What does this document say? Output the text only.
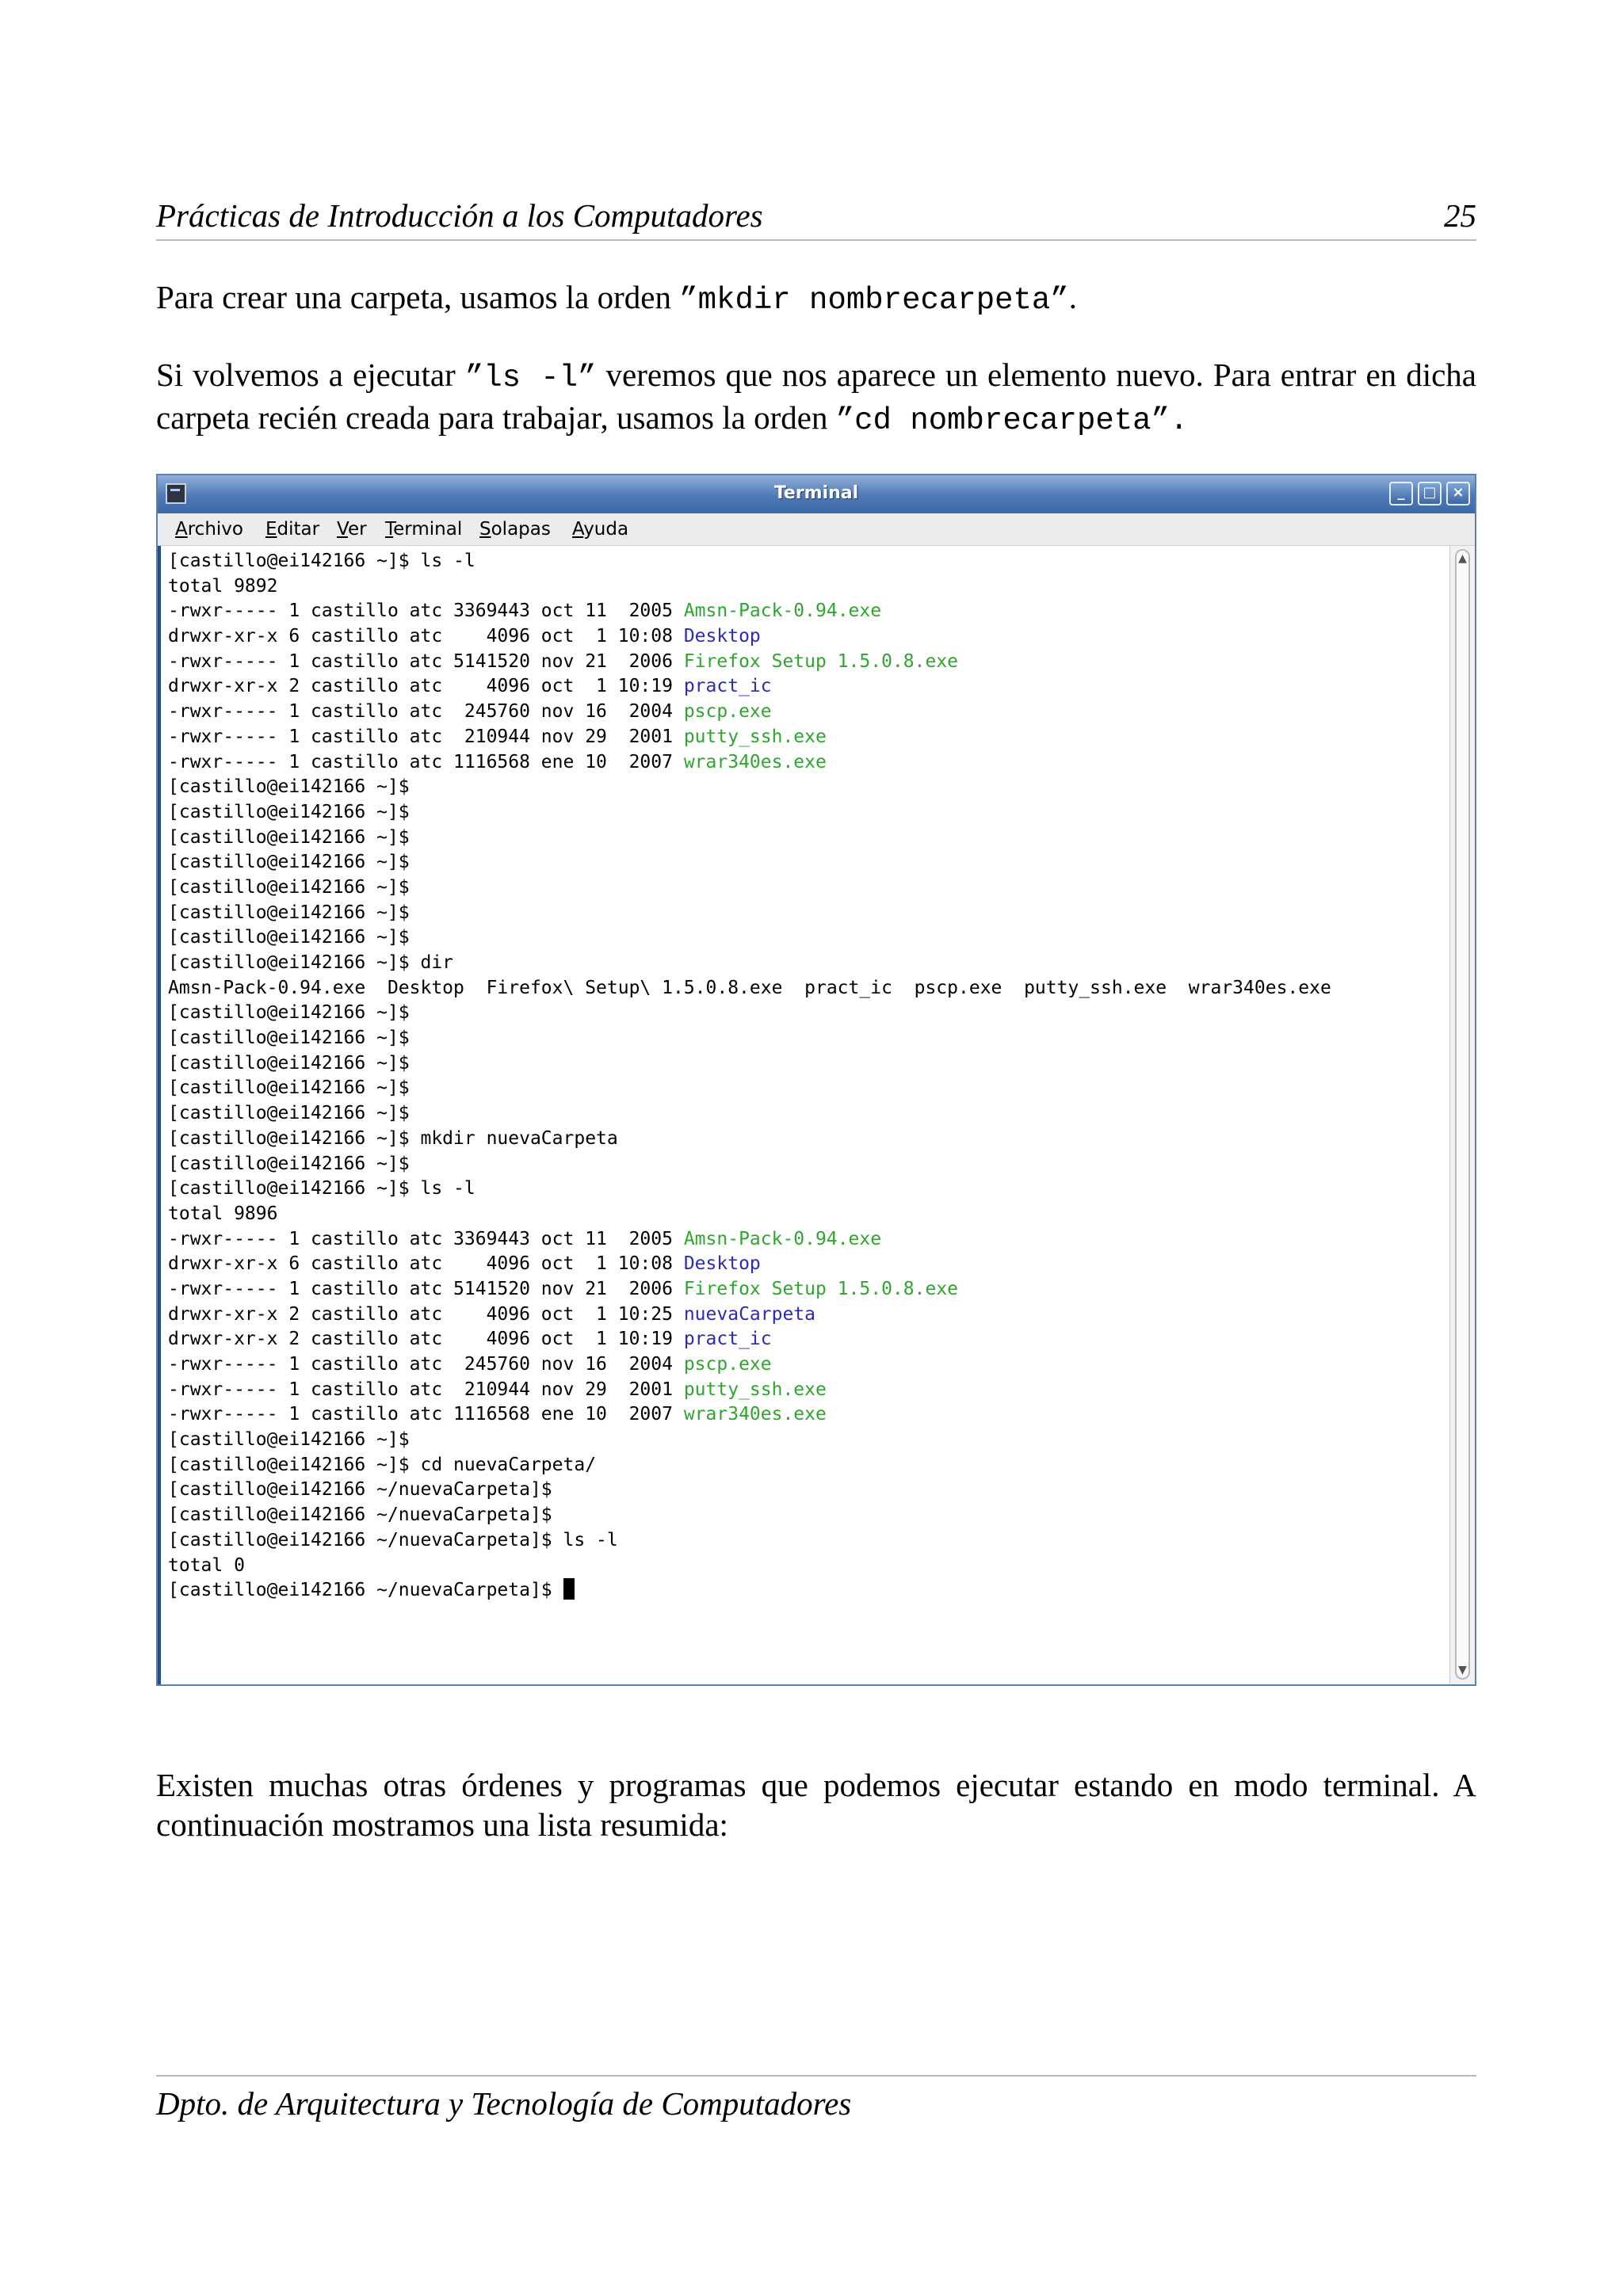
Prácticas de Introducción a los Computadores	25
Para crear una carpeta, usamos la orden ”mkdir nombrecarpeta”.
Si volvemos a ejecutar ”ls -l” veremos que nos aparece un elemento nuevo. Para entrar en dicha carpeta recién creada para trabajar, usamos la orden ”cd nombrecarpeta”.
Terminal	_	□	×
Archivo Editar Ver Terminal Solapas Ayuda
[castillo@ei142166 ~]$ ls -l
total 9892
-rwxr----- 1 castillo atc 3369443 oct 11  2005 Amsn-Pack-0.94.exe
drwxr-xr-x 6 castillo atc    4096 oct  1 10:08 Desktop
-rwxr----- 1 castillo atc 5141520 nov 21  2006 Firefox Setup 1.5.0.8.exe
drwxr-xr-x 2 castillo atc    4096 oct  1 10:19 pract_ic
-rwxr----- 1 castillo atc  245760 nov 16  2004 pscp.exe
-rwxr----- 1 castillo atc  210944 nov 29  2001 putty_ssh.exe
-rwxr----- 1 castillo atc 1116568 ene 10  2007 wrar340es.exe
[castillo@ei142166 ~]$
[castillo@ei142166 ~]$
[castillo@ei142166 ~]$
[castillo@ei142166 ~]$
[castillo@ei142166 ~]$
[castillo@ei142166 ~]$
[castillo@ei142166 ~]$
[castillo@ei142166 ~]$ dir
Amsn-Pack-0.94.exe  Desktop  Firefox\ Setup\ 1.5.0.8.exe  pract_ic  pscp.exe  putty_ssh.exe  wrar340es.exe
[castillo@ei142166 ~]$
[castillo@ei142166 ~]$
[castillo@ei142166 ~]$
[castillo@ei142166 ~]$
[castillo@ei142166 ~]$
[castillo@ei142166 ~]$ mkdir nuevaCarpeta
[castillo@ei142166 ~]$
[castillo@ei142166 ~]$ ls -l
total 9896
-rwxr----- 1 castillo atc 3369443 oct 11  2005 Amsn-Pack-0.94.exe
drwxr-xr-x 6 castillo atc    4096 oct  1 10:08 Desktop
-rwxr----- 1 castillo atc 5141520 nov 21  2006 Firefox Setup 1.5.0.8.exe
drwxr-xr-x 2 castillo atc    4096 oct  1 10:25 nuevaCarpeta
drwxr-xr-x 2 castillo atc    4096 oct  1 10:19 pract_ic
-rwxr----- 1 castillo atc  245760 nov 16  2004 pscp.exe
-rwxr----- 1 castillo atc  210944 nov 29  2001 putty_ssh.exe
-rwxr----- 1 castillo atc 1116568 ene 10  2007 wrar340es.exe
[castillo@ei142166 ~]$
[castillo@ei142166 ~]$ cd nuevaCarpeta/
[castillo@ei142166 ~/nuevaCarpeta]$
[castillo@ei142166 ~/nuevaCarpeta]$
[castillo@ei142166 ~/nuevaCarpeta]$ ls -l
total 0
[castillo@ei142166 ~/nuevaCarpeta]$
▲
▼
Existen muchas otras órdenes y programas que podemos ejecutar estando en modo terminal. A continuación mostramos una lista resumida:
Dpto. de Arquitectura y Tecnología de Computadores
